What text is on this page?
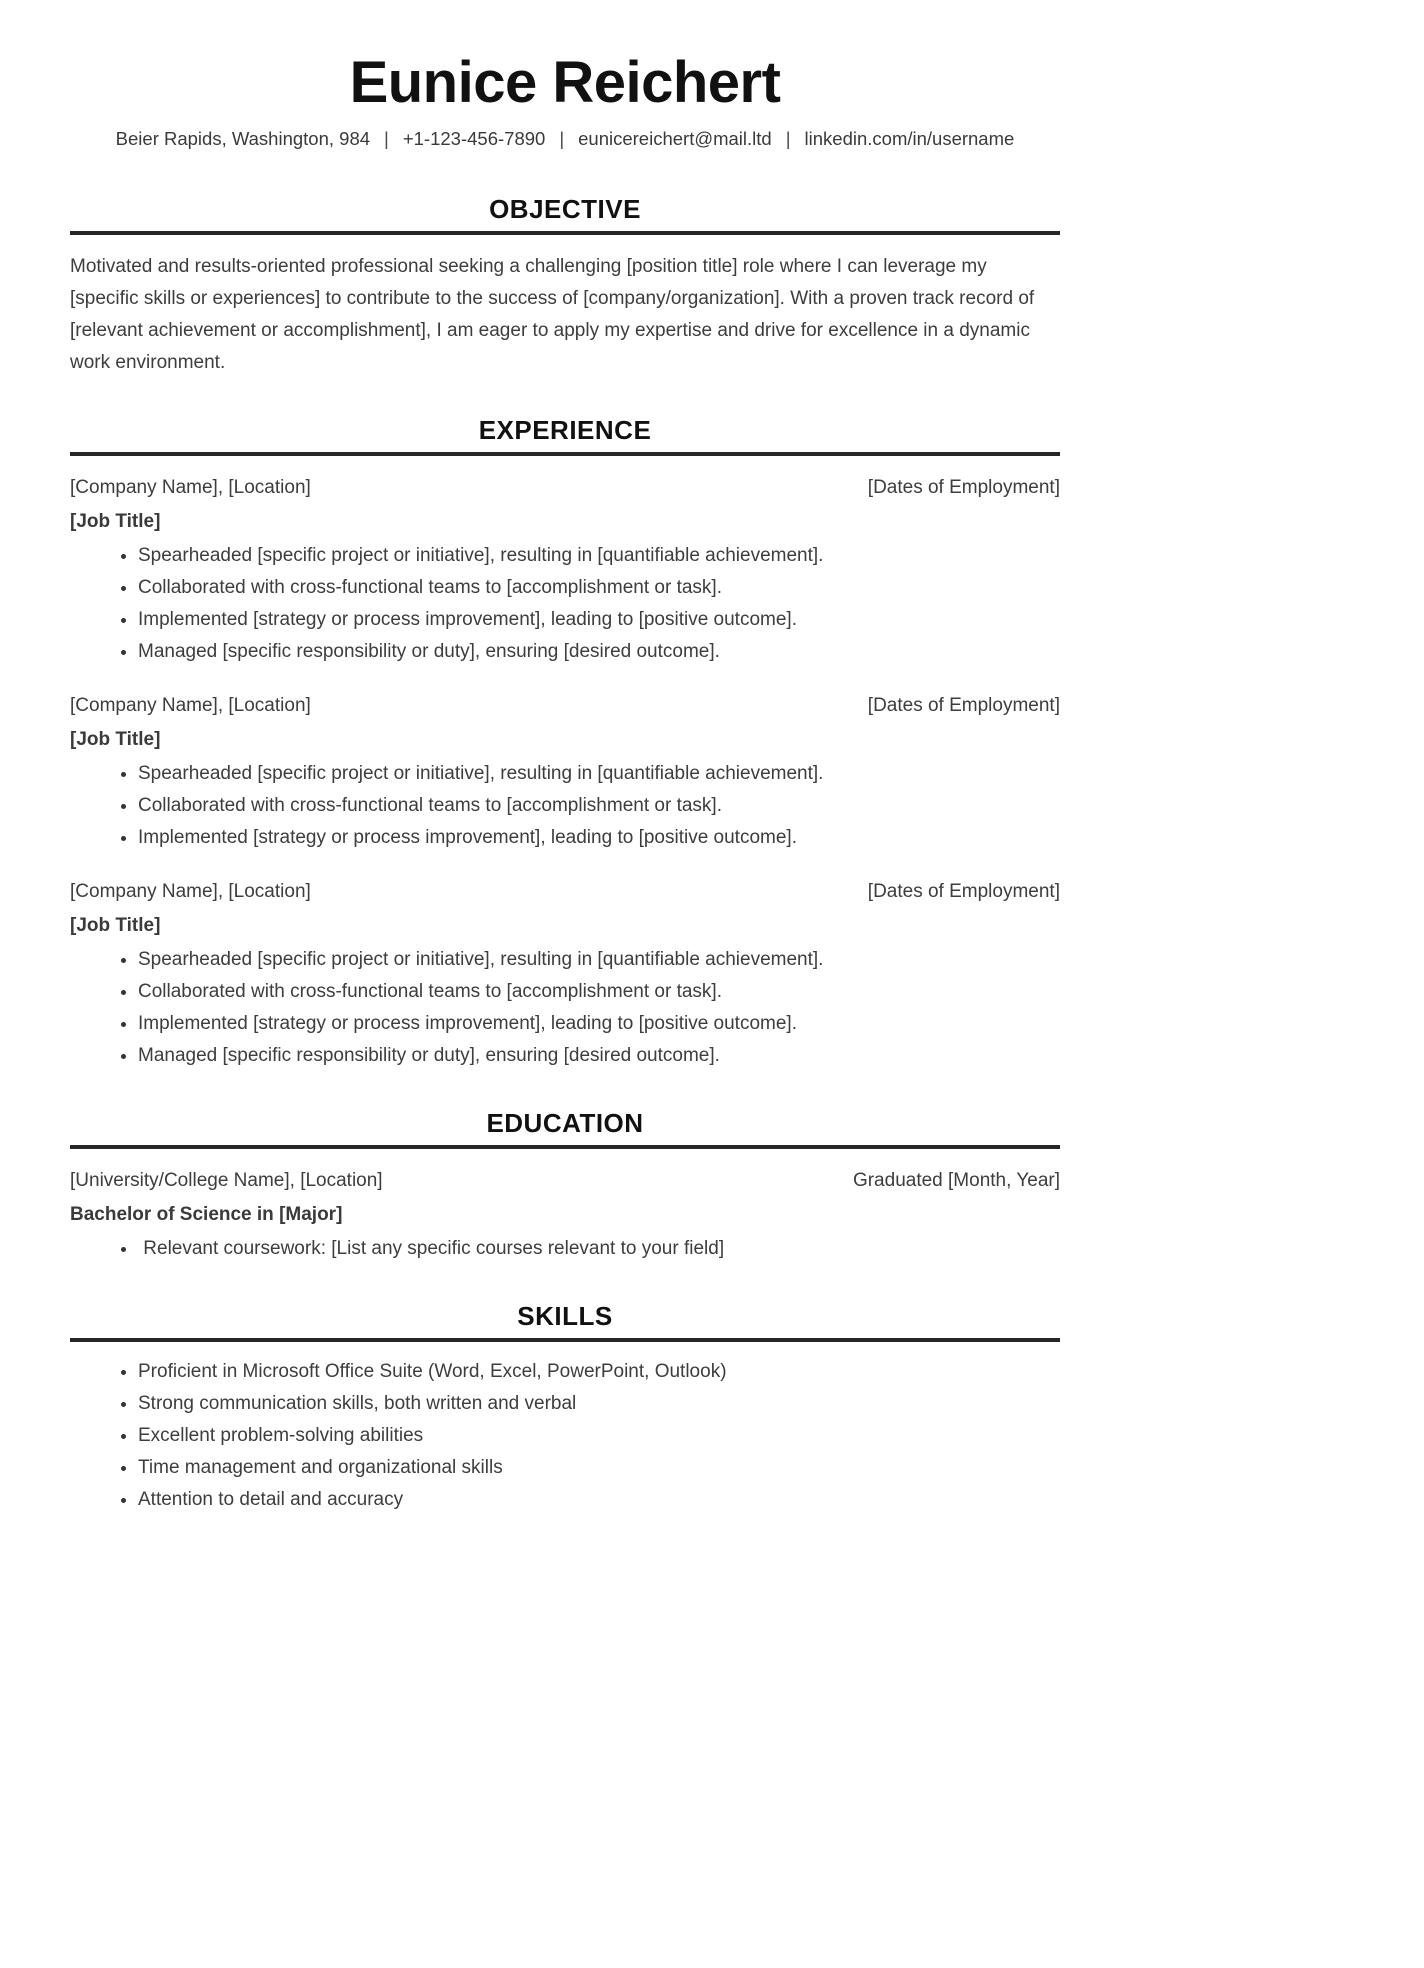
Eunice Reichert
Beier Rapids, Washington, 984 | +1-123-456-7890 | eunicereichert@mail.ltd | linkedin.com/in/username
OBJECTIVE

Motivated and results-oriented professional seeking a challenging [position title] role where I can leverage my [specific skills or experiences] to contribute to the success of [company/organization]. With a proven track record of [relevant achievement or accomplishment], I am eager to apply my expertise and drive for excellence in a dynamic work environment.

EXPERIENCE
[Company Name], [Location]	[Dates of Employment]
[Job Title]
• Spearheaded [specific project or initiative], resulting in [quantifiable achievement].
• Collaborated with cross-functional teams to [accomplishment or task].
• Implemented [strategy or process improvement], leading to [positive outcome].
• Managed [specific responsibility or duty], ensuring [desired outcome].
[Company Name], [Location]	[Dates of Employment]
[Job Title]
• Spearheaded [specific project or initiative], resulting in [quantifiable achievement].
• Collaborated with cross-functional teams to [accomplishment or task].
• Implemented [strategy or process improvement], leading to [positive outcome].
[Company Name], [Location]	[Dates of Employment]
[Job Title]
• Spearheaded [specific project or initiative], resulting in [quantifiable achievement].
• Collaborated with cross-functional teams to [accomplishment or task].
• Implemented [strategy or process improvement], leading to [positive outcome].
• Managed [specific responsibility or duty], ensuring [desired outcome].
EDUCATION
[University/College Name], [Location]	Graduated [Month, Year]
Bachelor of Science in [Major]
•  Relevant coursework: [List any specific courses relevant to your field]
SKILLS
• Proficient in Microsoft Office Suite (Word, Excel, PowerPoint, Outlook)
• Strong communication skills, both written and verbal
• Excellent problem-solving abilities
• Time management and organizational skills
• Attention to detail and accuracy
